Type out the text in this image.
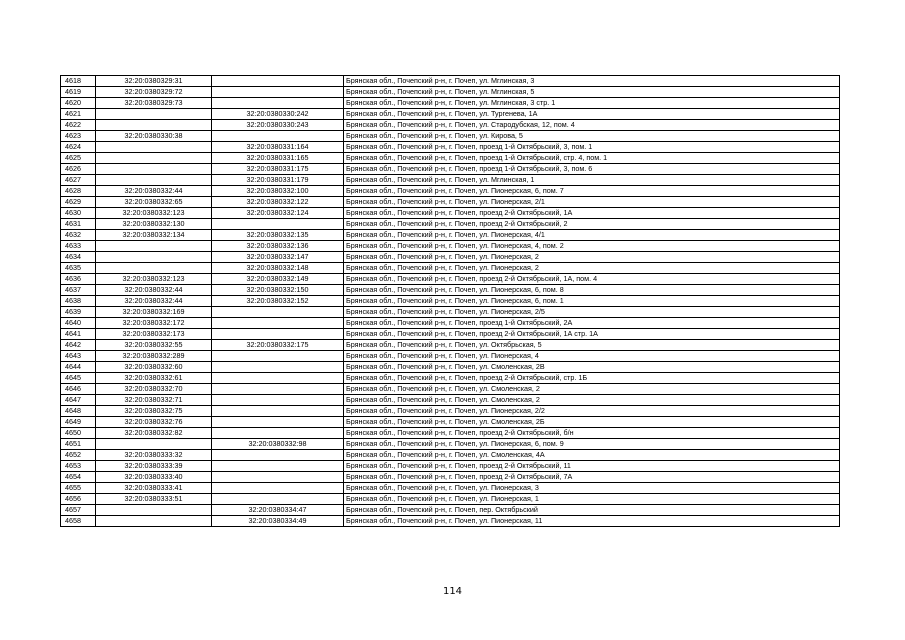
4618	32:20:0380329:31		Брянская обл., Почепский р-н, г. Почеп, ул. Мглинская, 3
4619	32:20:0380329:72		Брянская обл., Почепский р-н, г. Почеп, ул. Мглинская, 5
4620	32:20:0380329:73		Брянская обл., Почепский р-н, г. Почеп, ул. Мглинская, 3 стр. 1
4621		32:20:0380330:242	Брянская обл., Почепский р-н, г. Почеп, ул. Тургенева, 1А
4622		32:20:0380330:243	Брянская обл., Почепский р-н, г. Почеп, ул. Стародубская, 12, пом. 4
4623	32:20:0380330:38		Брянская обл., Почепский р-н, г. Почеп, ул. Кирова, 5
4624		32:20:0380331:164	Брянская обл., Почепский р-н, г. Почеп, проезд 1-й Октябрьский, 3, пом. 1
4625		32:20:0380331:165	Брянская обл., Почепский р-н, г. Почеп, проезд 1-й Октябрьский, стр. 4, пом. 1
4626		32:20:0380331:175	Брянская обл., Почепский р-н, г. Почеп, проезд 1-й Октябрьский, 3, пом. 6
4627		32:20:0380331:179	Брянская обл., Почепский р-н, г. Почеп, ул. Мглинская, 1
4628	32:20:0380332:44	32:20:0380332:100	Брянская обл., Почепский р-н, г. Почеп, ул. Пионерская, 6, пом. 7
4629	32:20:0380332:65	32:20:0380332:122	Брянская обл., Почепский р-н, г. Почеп, ул. Пионерская, 2/1
4630	32:20:0380332:123	32:20:0380332:124	Брянская обл., Почепский р-н, г. Почеп, проезд 2-й Октябрьский, 1А
4631	32:20:0380332:130		Брянская обл., Почепский р-н, г. Почеп, проезд 2-й Октябрьский, 2
4632	32:20:0380332:134	32:20:0380332:135	Брянская обл., Почепский р-н, г. Почеп, ул. Пионерская, 4/1
4633		32:20:0380332:136	Брянская обл., Почепский р-н, г. Почеп, ул. Пионерская, 4, пом. 2
4634		32:20:0380332:147	Брянская обл., Почепский р-н, г. Почеп, ул. Пионерская, 2
4635		32:20:0380332:148	Брянская обл., Почепский р-н, г. Почеп, ул. Пионерская, 2
4636	32:20:0380332:123	32:20:0380332:149	Брянская обл., Почепский р-н, г. Почеп, проезд 2-й Октябрьский, 1А, пом. 4
4637	32:20:0380332:44	32:20:0380332:150	Брянская обл., Почепский р-н, г. Почеп, ул. Пионерская, 6, пом. 8
4638	32:20:0380332:44	32:20:0380332:152	Брянская обл., Почепский р-н, г. Почеп, ул. Пионерская, 6, пом. 1
4639	32:20:0380332:169		Брянская обл., Почепский р-н, г. Почеп, ул. Пионерская, 2/5
4640	32:20:0380332:172		Брянская обл., Почепский р-н, г. Почеп, проезд 1-й Октябрьский, 2А
4641	32:20:0380332:173		Брянская обл., Почепский р-н, г. Почеп, проезд 2-й Октябрьский, 1А стр. 1А
4642	32:20:0380332:55	32:20:0380332:175	Брянская обл., Почепский р-н, г. Почеп, ул. Октябрьская, 5
4643	32:20:0380332:289		Брянская обл., Почепский р-н, г. Почеп, ул. Пионерская, 4
4644	32:20:0380332:60		Брянская обл., Почепский р-н, г. Почеп, ул. Смоленская, 2В
4645	32:20:0380332:61		Брянская обл., Почепский р-н, г. Почеп, проезд 2-й Октябрьский, стр. 1Б
4646	32:20:0380332:70		Брянская обл., Почепский р-н, г. Почеп, ул. Смоленская, 2
4647	32:20:0380332:71		Брянская обл., Почепский р-н, г. Почеп, ул. Смоленская, 2
4648	32:20:0380332:75		Брянская обл., Почепский р-н, г. Почеп, ул. Пионерская, 2/2
4649	32:20:0380332:76		Брянская обл., Почепский р-н, г. Почеп, ул. Смоленская, 2Б
4650	32:20:0380332:82		Брянская обл., Почепский р-н, г. Почеп, проезд 2-й Октябрьский, б/н
4651		32:20:0380332:98	Брянская обл., Почепский р-н, г. Почеп, ул. Пионерская, 6, пом. 9
4652	32:20:0380333:32		Брянская обл., Почепский р-н, г. Почеп, ул. Смоленская, 4А
4653	32:20:0380333:39		Брянская обл., Почепский р-н, г. Почеп, проезд 2-й Октябрьский, 11
4654	32:20:0380333:40		Брянская обл., Почепский р-н, г. Почеп, проезд 2-й Октябрьский, 7А
4655	32:20:0380333:41		Брянская обл., Почепский р-н, г. Почеп, ул. Пионерская, 3
4656	32:20:0380333:51		Брянская обл., Почепский р-н, г. Почеп, ул. Пионерская, 1
4657		32:20:0380334:47	Брянская обл., Почепский р-н, г. Почеп, пер. Октябрьский
4658		32:20:0380334:49	Брянская обл., Почепский р-н, г. Почеп, ул. Пионерская, 11
114
